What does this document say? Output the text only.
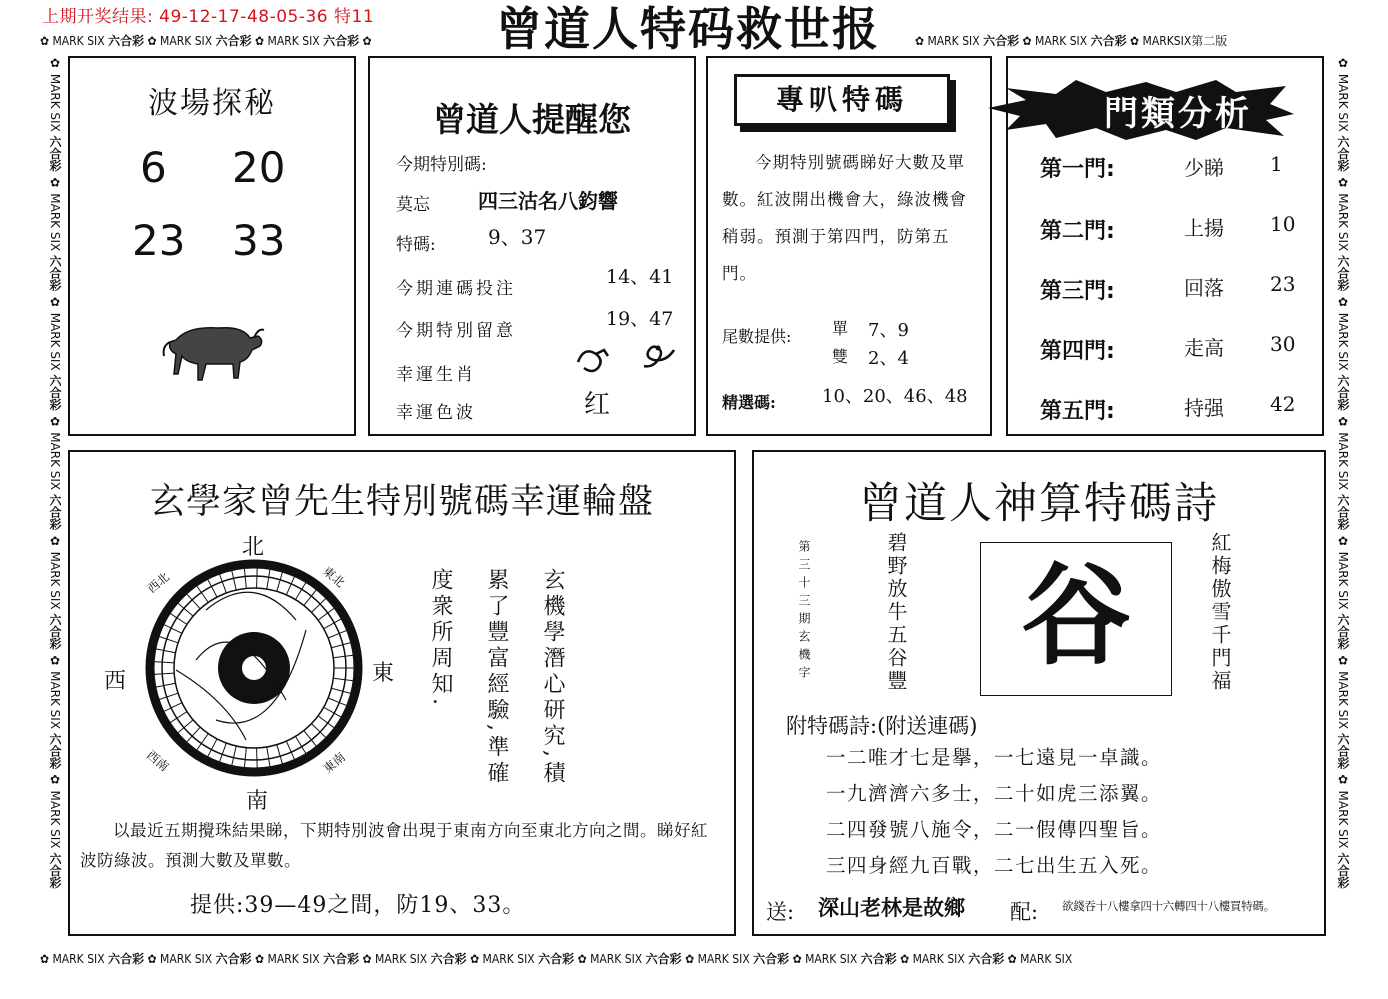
上期开奖结果: 49-12-17-48-05-36 特11	曾道人特码救世报
✿ MARK SIX 六合彩 ✿ MARK SIX 六合彩 ✿ MARK SIX 六合彩 ✿	✿ MARK SIX 六合彩 ✿ MARK SIX 六合彩 ✿ MARKSIX第二版
✿ MARK SIX 六合彩 ✿ MARK SIX 六合彩 ✿ MARK SIX 六合彩 ✿ MARK SIX 六合彩 ✿ MARK SIX 六合彩 ✿ MARK SIX 六合彩 ✿ MARK SIX 六合彩 ✿ MARK SIX 六合彩 ✿ MARK SIX 六合彩 ✿ MARK SIX
✿ MARK SIX 六合彩 ✿ MARK SIX 六合彩 ✿ MARK SIX 六合彩 ✿ MARK SIX 六合彩 ✿ MARK SIX 六合彩 ✿ MARK SIX 六合彩 ✿ MARK SIX 六合彩
✿ MARK SIX 六合彩 ✿ MARK SIX 六合彩 ✿ MARK SIX 六合彩 ✿ MARK SIX 六合彩 ✿ MARK SIX 六合彩 ✿ MARK SIX 六合彩 ✿ MARK SIX 六合彩
波場探秘
6 20
23 33
曾道人提醒您
今期特別碼:
莫忘 四三沽名八鈞響
特碼:	9、37
今期連碼投注
14、41
今期特別留意
19、47
幸運生肖
幸運色波	红
專叭特碼
今期特別號碼睇好大數及單數。紅波開出機會大，綠波機會稍弱。預測于第四門，防第五門。
尾數提供:	單 7、9
雙 2、4
精選碼:	10、20、46、48
門類分析
第一門:	少睇 1
第二門:	上揚 10
第三門:	回落 23
第四門:	走高 30
第五門:	持强 42
玄學家曾先生特別號碼幸運輪盤
北
南
東
西
東北
西北
東南
西南	玄機學潛心研究,積
累了豐富經驗,準確
度衆所周知.
以最近五期攪珠結果睇，下期特別波會出現于東南方向至東北方向之間。睇好紅波防綠波。預測大數及單數。
提供:39—49之間，防19、33。
曾道人神算特碼詩
第三十三期玄機字	碧野放牛五谷豐	谷	紅梅傲雪千門福
附特碼詩:(附送連碼)
一二唯才七是擧，一七遠見一卓識。
一九濟濟六多士，二十如虎三添翼。
二四發號八施令，二一假傳四聖旨。
三四身經九百戰，二七出生五入死。
送: 深山老林是故鄉 配: 欲錢吞十八樓拿四十六轉四十八樓買特碼。
